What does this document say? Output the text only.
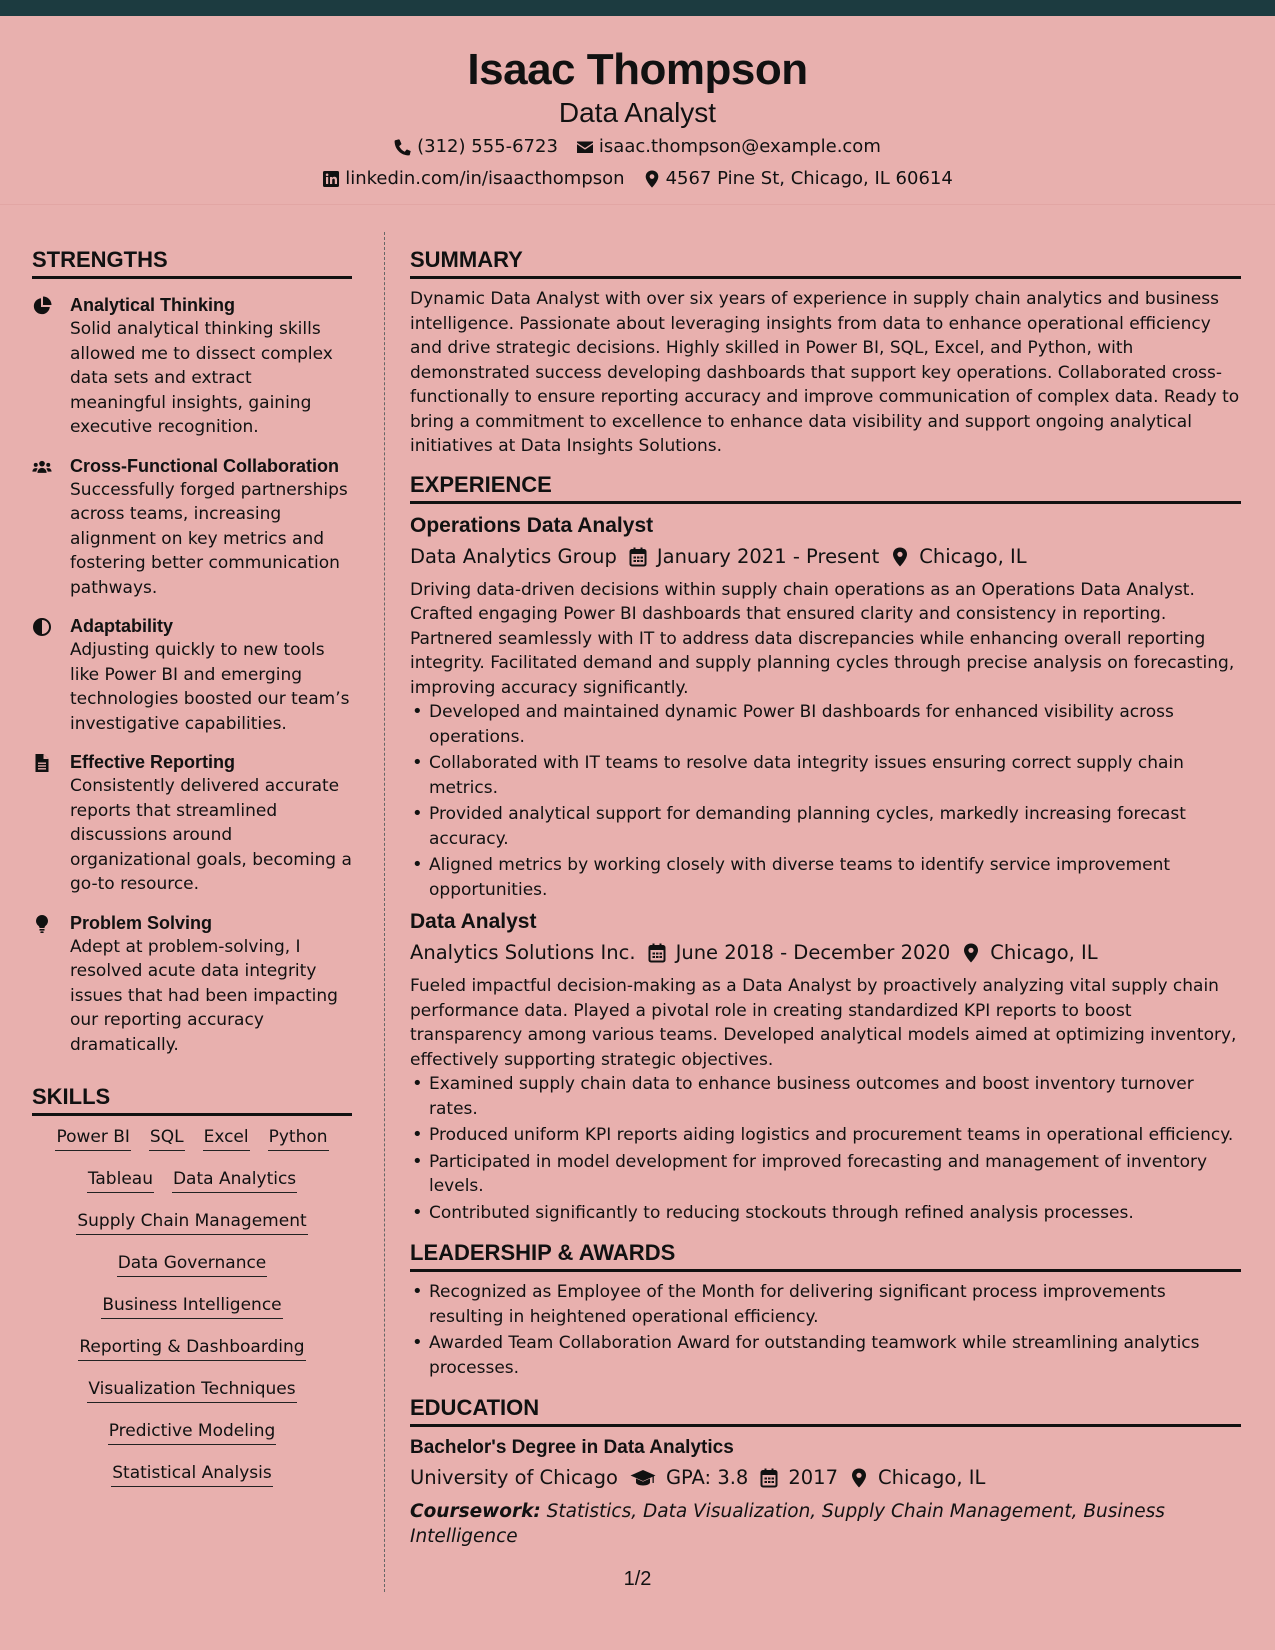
Isaac Thompson
Data Analyst
(312) 555-6723 isaac.thompson@example.com
linkedin.com/in/isaacthompson 4567 Pine St, Chicago, IL 60614
STRENGTHS
Analytical Thinking
Solid analytical thinking skills allowed me to dissect complex data sets and extract meaningful insights, gaining executive recognition.
Cross-Functional Collaboration
Successfully forged partnerships across teams, increasing alignment on key metrics and fostering better communication pathways.
Adaptability
Adjusting quickly to new tools like Power BI and emerging technologies boosted our team’s investigative capabilities.
Effective Reporting
Consistently delivered accurate reports that streamlined discussions around organizational goals, becoming a go-to resource.
Problem Solving
Adept at problem-solving, I resolved acute data integrity issues that had been impacting our reporting accuracy dramatically.
SKILLS
Power BI SQL Excel Python
Tableau Data Analytics
Supply Chain Management
Data Governance
Business Intelligence
Reporting & Dashboarding
Visualization Techniques
Predictive Modeling
Statistical Analysis
SUMMARY
Dynamic Data Analyst with over six years of experience in supply chain analytics and business intelligence. Passionate about leveraging insights from data to enhance operational efficiency and drive strategic decisions. Highly skilled in Power BI, SQL, Excel, and Python, with demonstrated success developing dashboards that support key operations. Collaborated cross-functionally to ensure reporting accuracy and improve communication of complex data. Ready to bring a commitment to excellence to enhance data visibility and support ongoing analytical initiatives at Data Insights Solutions.
EXPERIENCE
Operations Data Analyst
Data Analytics Group January 2021 - Present Chicago, IL
Driving data-driven decisions within supply chain operations as an Operations Data Analyst. Crafted engaging Power BI dashboards that ensured clarity and consistency in reporting. Partnered seamlessly with IT to address data discrepancies while enhancing overall reporting integrity. Facilitated demand and supply planning cycles through precise analysis on forecasting, improving accuracy significantly.
• Developed and maintained dynamic Power BI dashboards for enhanced visibility across operations.
• Collaborated with IT teams to resolve data integrity issues ensuring correct supply chain metrics.
• Provided analytical support for demanding planning cycles, markedly increasing forecast accuracy.
• Aligned metrics by working closely with diverse teams to identify service improvement opportunities.
Data Analyst
Analytics Solutions Inc. June 2018 - December 2020 Chicago, IL
Fueled impactful decision-making as a Data Analyst by proactively analyzing vital supply chain performance data. Played a pivotal role in creating standardized KPI reports to boost transparency among various teams. Developed analytical models aimed at optimizing inventory, effectively supporting strategic objectives.
• Examined supply chain data to enhance business outcomes and boost inventory turnover rates.
• Produced uniform KPI reports aiding logistics and procurement teams in operational efficiency.
• Participated in model development for improved forecasting and management of inventory levels.
• Contributed significantly to reducing stockouts through refined analysis processes.
LEADERSHIP & AWARDS
• Recognized as Employee of the Month for delivering significant process improvements resulting in heightened operational efficiency.
• Awarded Team Collaboration Award for outstanding teamwork while streamlining analytics processes.
EDUCATION
Bachelor's Degree in Data Analytics
University of Chicago GPA: 3.8 2017 Chicago, IL
Coursework: Statistics, Data Visualization, Supply Chain Management, Business Intelligence
1/2
